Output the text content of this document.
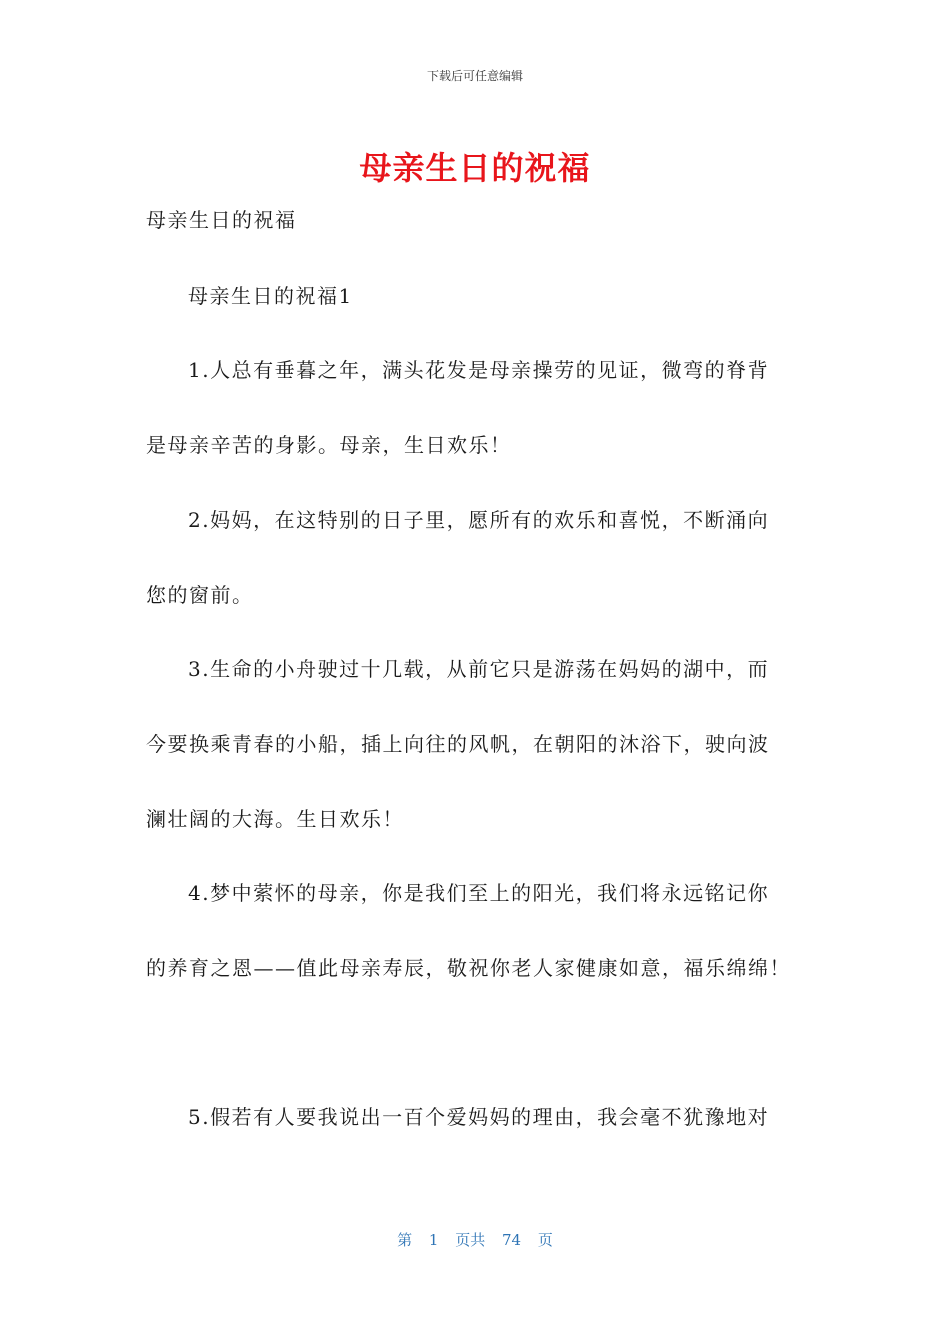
下载后可任意编辑
母亲生日的祝福
母亲生日的祝福
母亲生日的祝福1
1.人总有垂暮之年，满头花发是母亲操劳的见证，微弯的脊背
是母亲辛苦的身影。母亲，生日欢乐！
2.妈妈，在这特别的日子里，愿所有的欢乐和喜悦，不断涌向
您的窗前。
3.生命的小舟驶过十几载，从前它只是游荡在妈妈的湖中，而
今要换乘青春的小船，插上向往的风帆，在朝阳的沐浴下，驶向波
澜壮阔的大海。生日欢乐！
4.梦中萦怀的母亲，你是我们至上的阳光，我们将永远铭记你
的养育之恩——值此母亲寿辰，敬祝你老人家健康如意，福乐绵绵！
5.假若有人要我说出一百个爱妈妈的理由，我会毫不犹豫地对
第 1 页共 74 页
